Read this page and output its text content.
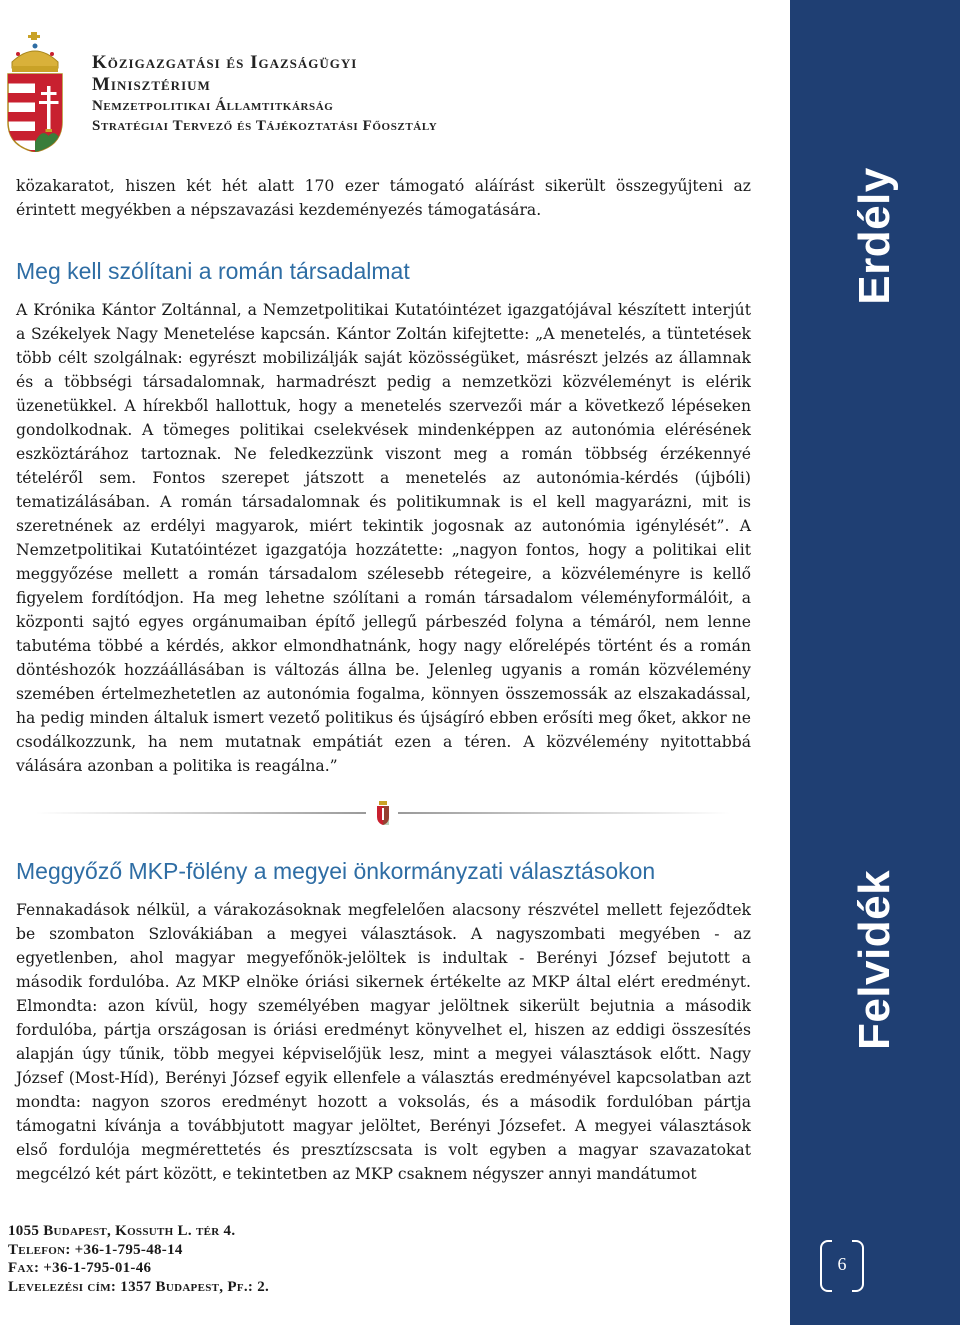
Közigazgatási és Igazságügyi
Minisztérium
Nemzetpolitikai Államtitkárság
Stratégiai Tervező és Tájékoztatási Főosztály

közakaratot, hiszen két hét alatt 170 ezer támogató aláírást sikerült összegyűjteni az érintett megyékben a népszavazási kezdeményezés támogatására.

Meg kell szólítani a román társadalmat

A Krónika Kántor Zoltánnal, a Nemzetpolitikai Kutatóintézet igazgatójával készített interjút a Székelyek Nagy Menetelése kapcsán. Kántor Zoltán kifejtette: „A menetelés, a tüntetések több célt szolgálnak: egyrészt mobilizálják saját közösségüket, másrészt jelzés az államnak és a többségi társadalomnak, harmadrészt pedig a nemzetközi közvéleményt is elérik üzenetükkel. A hírekből hallottuk, hogy a menetelés szervezői már a következő lépéseken gondolkodnak. A tömeges politikai cselekvések mindenképpen az autonómia elérésének eszköztárához tartoznak. Ne feledkezzünk viszont meg a román többség érzékennyé tételéről sem. Fontos szerepet játszott a menetelés az autonómia-kérdés (újbóli) tematizálásában. A román társadalomnak és politikumnak is el kell magyarázni, mit is szeretnének az erdélyi magyarok, miért tekintik jogosnak az autonómia igénylését”. A Nemzetpolitikai Kutatóintézet igazgatója hozzátette: „nagyon fontos, hogy a politikai elit meggyőzése mellett a román társadalom szélesebb rétegeire, a közvéleményre is kellő figyelem fordítódjon. Ha meg lehetne szólítani a román társadalom véleményformálóit, a központi sajtó egyes orgánumaiban építő jellegű párbeszéd folyna a témáról, nem lenne tabutéma többé a kérdés, akkor elmondhatnánk, hogy nagy előrelépés történt és a román döntéshozók hozzáállásában is változás állna be. Jelenleg ugyanis a román közvélemény szemében értelmezhetetlen az autonómia fogalma, könnyen összemossák az elszakadással, ha pedig minden általuk ismert vezető politikus és újságíró ebben erősíti meg őket, akkor ne csodálkozzunk, ha nem mutatnak empátiát ezen a téren. A közvélemény nyitottabbá válására azonban a politika is reagálna.”

Meggyőző MKP-fölény a megyei önkormányzati választásokon

Fennakadások nélkül, a várakozásoknak megfelelően alacsony részvétel mellett fejeződtek be szombaton Szlovákiában a megyei választások. A nagyszombati megyében - az egyetlenben, ahol magyar megyefőnök-jelöltek is indultak - Berényi József bejutott a második fordulóba. Az MKP elnöke óriási sikernek értékelte az MKP által elért eredményt. Elmondta: azon kívül, hogy személyében magyar jelöltnek sikerült bejutnia a második fordulóba, pártja országosan is óriási eredményt könyvelhet el, hiszen az eddigi összesítés alapján úgy tűnik, több megyei képviselőjük lesz, mint a megyei választások előtt. Nagy József (Most-Híd), Berényi József egyik ellenfele a választás eredményével kapcsolatban azt mondta: nagyon szoros eredményt hozott a voksolás, és a második fordulóban pártja támogatni kívánja a továbbjutott magyar jelöltet, Berényi Józsefet. A megyei választások első fordulója megmérettetés és presztízscsata is volt egyben a magyar szavazatokat megcélzó két párt között, e tekintetben az MKP csaknem négyszer annyi mandátumot

1055 Budapest, Kossuth L. tér 4.
Telefon: +36-1-795-48-14
Fax: +36-1-795-01-46
Levelezési cím: 1357 Budapest, Pf.: 2.
Erdély
Felvidék
6
